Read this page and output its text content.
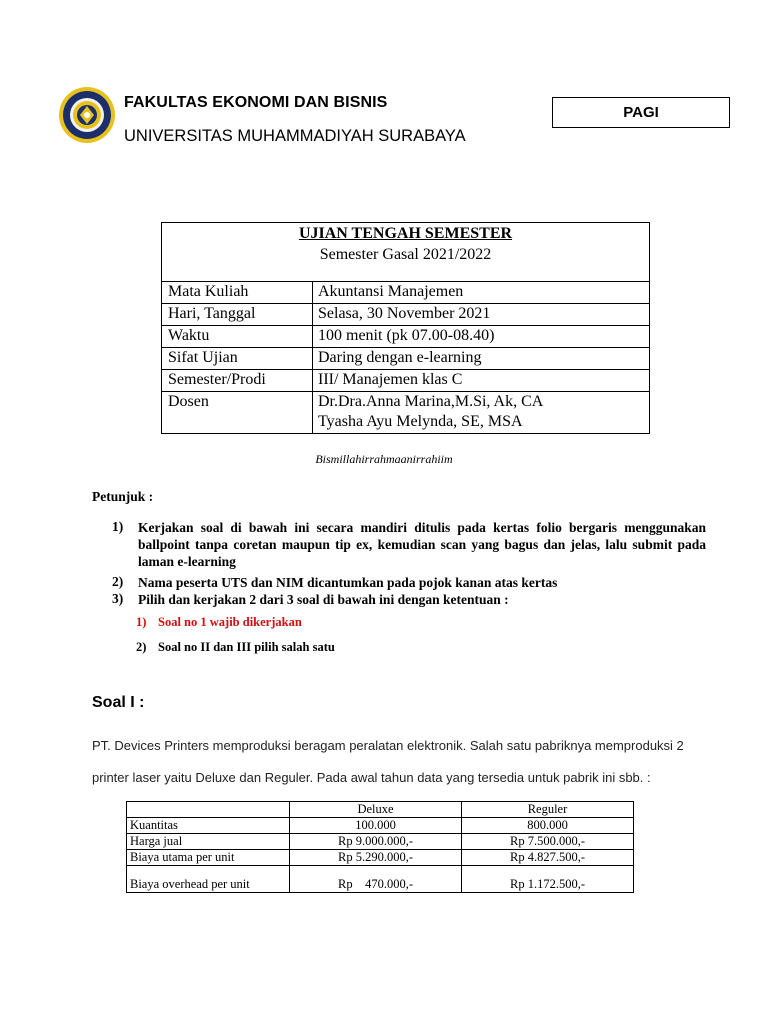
FAKULTAS EKONOMI DAN BISNIS
UNIVERSITAS MUHAMMADIYAH SURABAYA
PAGI
UJIAN TENGAH SEMESTER
Semester Gasal 2021/2022
Mata Kuliah	Akuntansi Manajemen
Hari, Tanggal	Selasa, 30 November 2021
Waktu	100 menit (pk 07.00-08.40)
Sifat Ujian	Daring dengan e-learning
Semester/Prodi	III/ Manajemen klas C
Dosen	Dr.Dra.Anna Marina,M.Si, Ak, CA
Tyasha Ayu Melynda, SE, MSA
Bismillahirrahmaanirrahiim
Petunjuk :
1) Kerjakan soal di bawah ini secara mandiri ditulis pada kertas folio bergaris menggunakan ballpoint tanpa coretan maupun tip ex, kemudian scan yang bagus dan jelas, lalu submit pada laman e-learning
2) Nama peserta UTS dan NIM dicantumkan pada pojok kanan atas kertas
3) Pilih dan kerjakan 2 dari 3 soal di bawah ini dengan ketentuan :
1) Soal no 1 wajib dikerjakan
2) Soal no II dan III pilih salah satu
Soal I :
PT. Devices Printers memproduksi beragam peralatan elektronik. Salah satu pabriknya memproduksi 2
printer laser yaitu Deluxe dan Reguler. Pada awal tahun data yang tersedia untuk pabrik ini sbb. :
	Deluxe	Reguler
Kuantitas	100.000	800.000
Harga jual	Rp 9.000.000,-	Rp 7.500.000,-
Biaya utama per unit	Rp 5.290.000,-	Rp 4.827.500,-
Biaya overhead per unit	Rp    470.000,-	Rp 1.172.500,-
